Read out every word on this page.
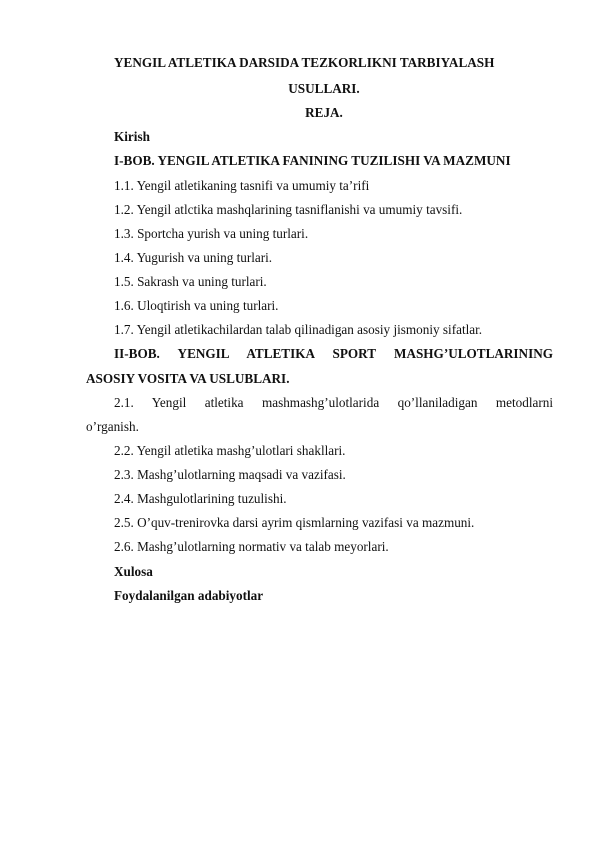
YENGIL ATLETIKA DARSIDA TEZKORLIKNI TARBIYALASH
USULLARI.
REJA.
Kirish
I-BOB. YENGIL ATLETIKA FANINING TUZILISHI VA MAZMUNI
1.1. Yengil atletikaning tasnifi va umumiy ta’rifi
1.2. Yengil atlctika mashqlarining tasniflanishi va umumiy tavsifi.
1.3. Sportcha yurish va uning turlari.
1.4. Yugurish va uning turlari.
1.5. Sakrash va uning turlari.
1.6. Uloqtirish va uning turlari.
1.7. Yengil atletikachilardan talab qilinadigan asosiy jismoniy sifatlar.
II-BOB. YENGIL ATLETIKA SPORT MASHG’ULOTLARINING
ASOSIY VOSITA VA USLUBLARI.
2.1. Yengil atletika mashmashg’ulotlarida qo’llaniladigan metodlarni
o’rganish.
2.2. Yengil atletika mashg’ulotlari shakllari.
2.3. Mashg’ulotlarning maqsadi va vazifasi.
2.4. Mashgulotlarining tuzulishi.
2.5. O’quv-trenirovka darsi ayrim qismlarning vazifasi va mazmuni.
2.6. Mashg’ulotlarning normativ va talab meyorlari.
Xulosa
Foydalanilgan adabiyotlar
